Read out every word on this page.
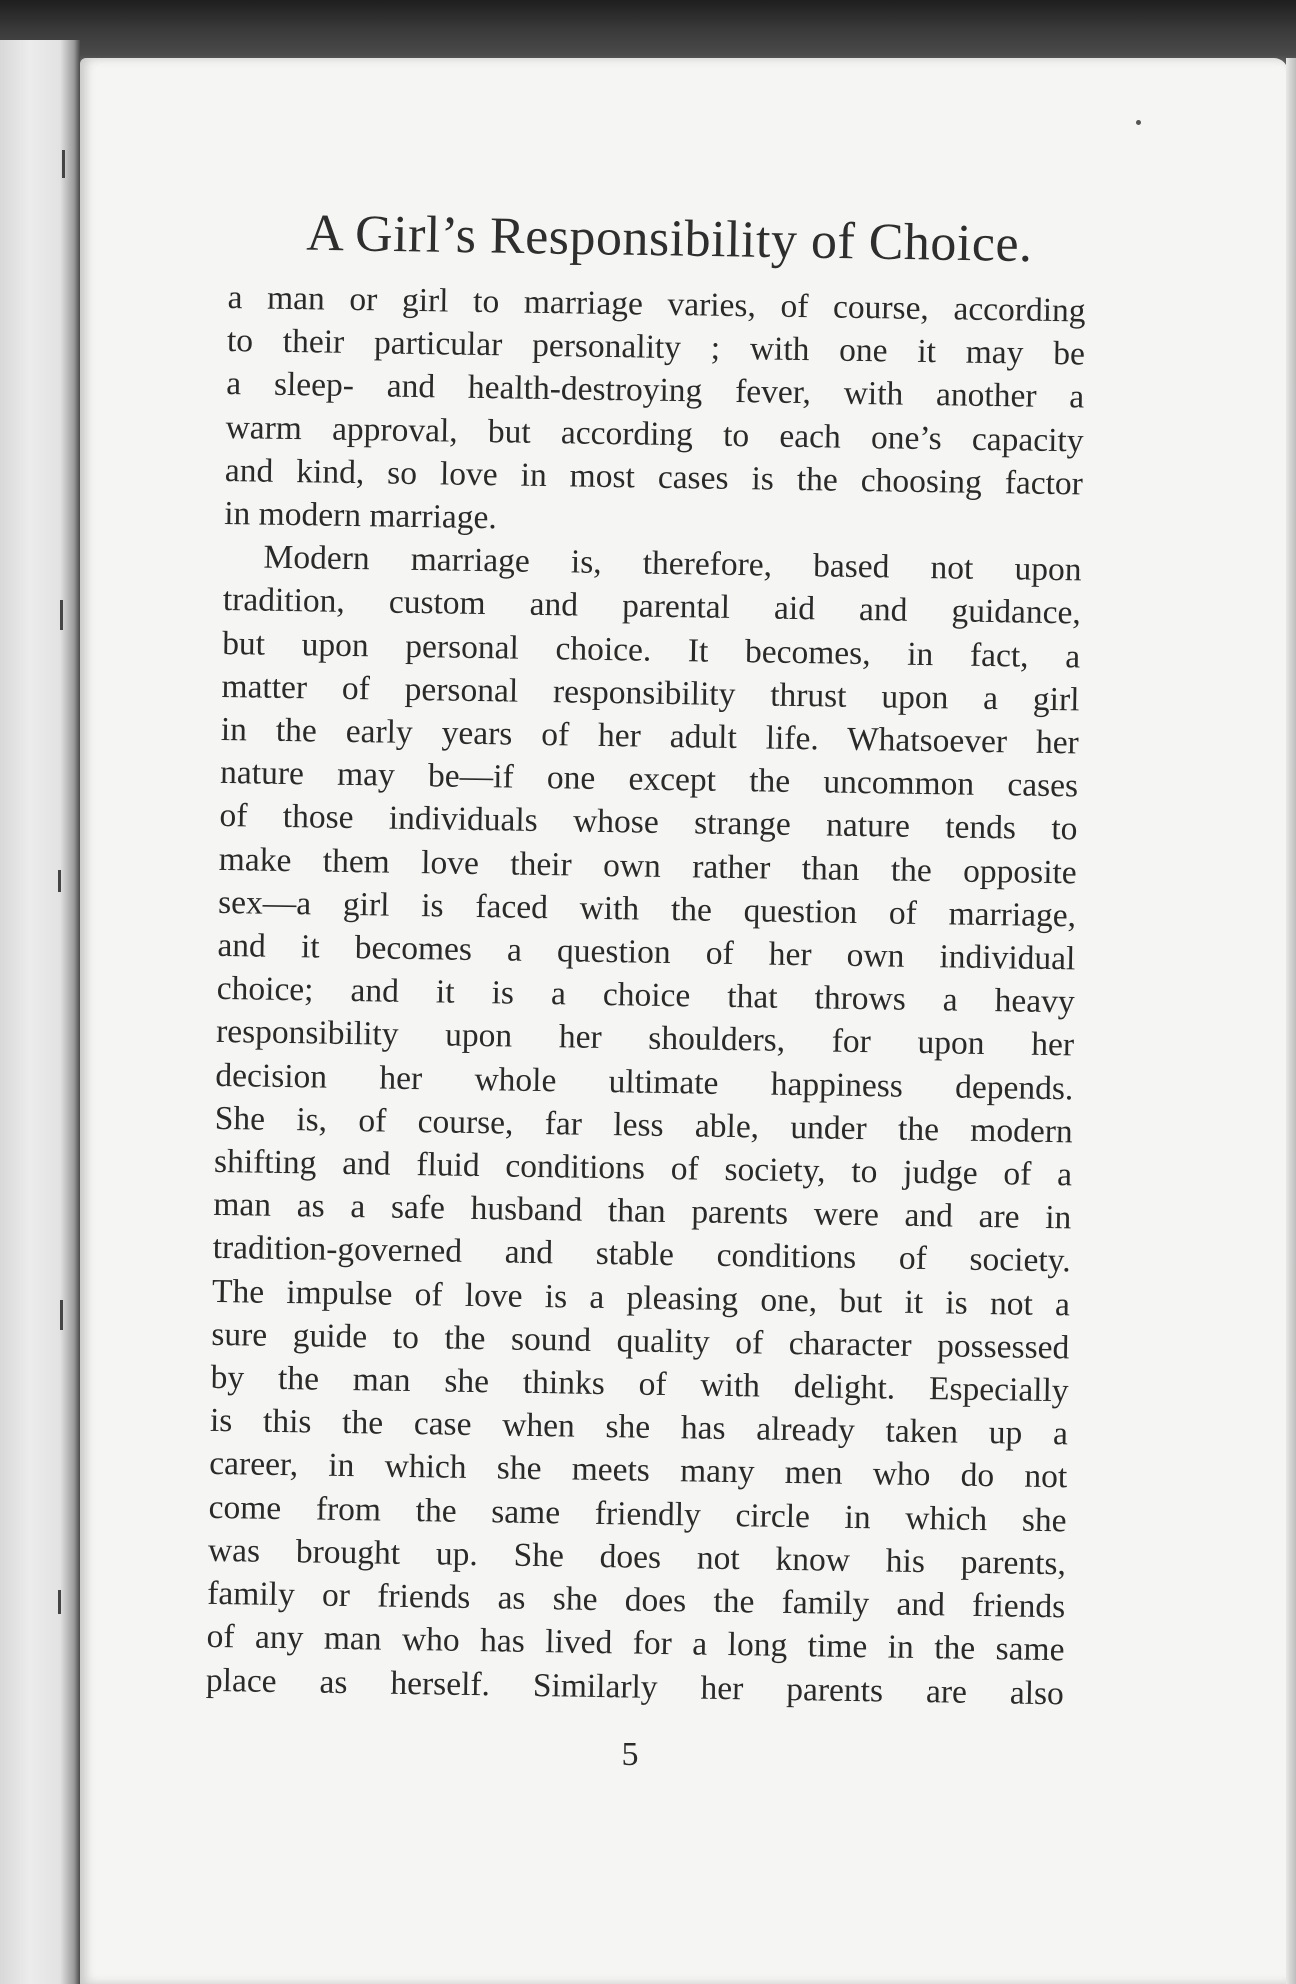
A Girl’s Responsibility of Choice.

a man or girl to marriage varies, of course, according

to their particular personality ; with one it may be

a sleep- and health-destroying fever, with another a

warm approval, but according to each one’s capacity

and kind, so love in most cases is the choosing factor

in modern marriage.

Modern marriage is, therefore, based not upon

tradition, custom and parental aid and guidance,

but upon personal choice. It becomes, in fact, a

matter of personal responsibility thrust upon a girl

in the early years of her adult life. Whatsoever her

nature may be—if one except the uncommon cases

of those individuals whose strange nature tends to

make them love their own rather than the opposite

sex—a girl is faced with the question of marriage,

and it becomes a question of her own individual

choice; and it is a choice that throws a heavy

responsibility upon her shoulders, for upon her

decision her whole ultimate happiness depends.

She is, of course, far less able, under the modern

shifting and fluid conditions of society, to judge of a

man as a safe husband than parents were and are in

tradition-governed and stable conditions of society.

The impulse of love is a pleasing one, but it is not a

sure guide to the sound quality of character possessed

by the man she thinks of with delight. Especially

is this the case when she has already taken up a

career, in which she meets many men who do not

come from the same friendly circle in which she

was brought up. She does not know his parents,

family or friends as she does the family and friends

of any man who has lived for a long time in the same

place as herself. Similarly her parents are also

5
